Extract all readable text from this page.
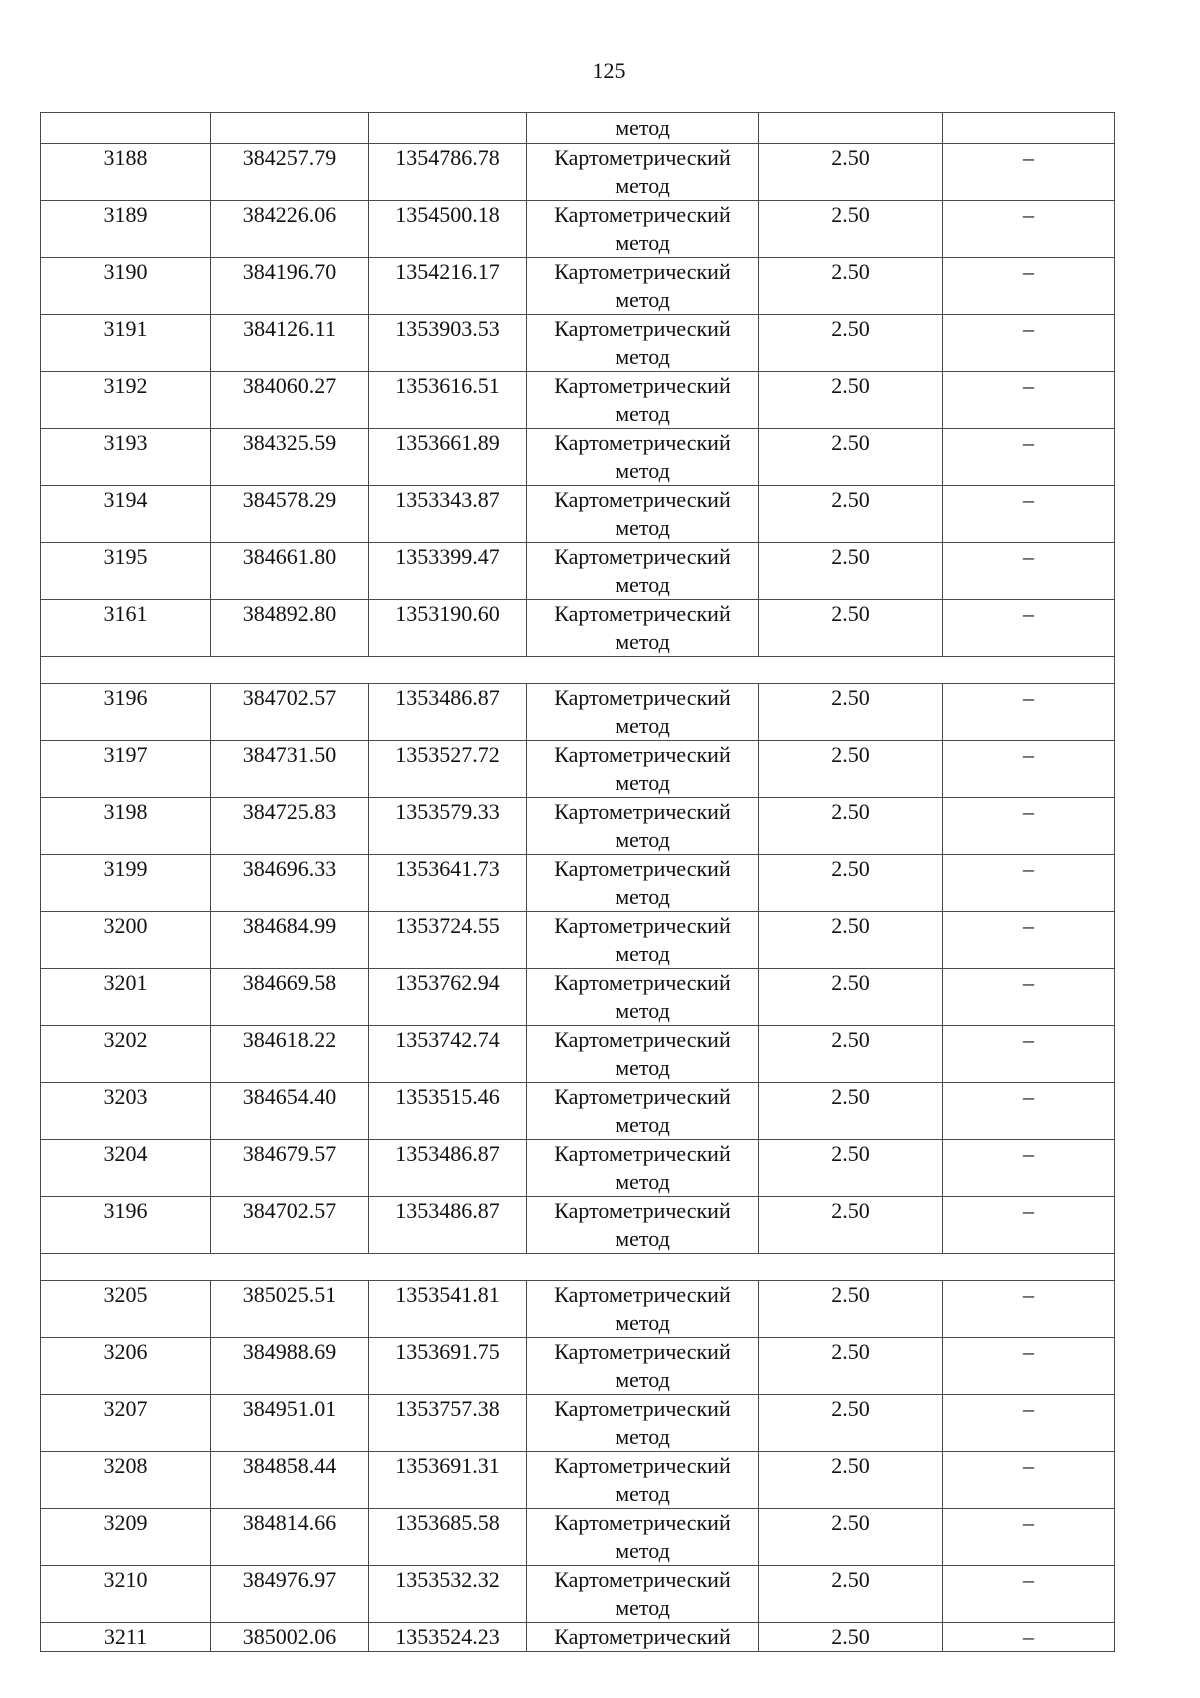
125
			метод		
3188	384257.79	1354786.78	Картометрический метод	2.50	–
3189	384226.06	1354500.18	Картометрический метод	2.50	–
3190	384196.70	1354216.17	Картометрический метод	2.50	–
3191	384126.11	1353903.53	Картометрический метод	2.50	–
3192	384060.27	1353616.51	Картометрический метод	2.50	–
3193	384325.59	1353661.89	Картометрический метод	2.50	–
3194	384578.29	1353343.87	Картометрический метод	2.50	–
3195	384661.80	1353399.47	Картометрический метод	2.50	–
3161	384892.80	1353190.60	Картометрический метод	2.50	–

3196	384702.57	1353486.87	Картометрический метод	2.50	–
3197	384731.50	1353527.72	Картометрический метод	2.50	–
3198	384725.83	1353579.33	Картометрический метод	2.50	–
3199	384696.33	1353641.73	Картометрический метод	2.50	–
3200	384684.99	1353724.55	Картометрический метод	2.50	–
3201	384669.58	1353762.94	Картометрический метод	2.50	–
3202	384618.22	1353742.74	Картометрический метод	2.50	–
3203	384654.40	1353515.46	Картометрический метод	2.50	–
3204	384679.57	1353486.87	Картометрический метод	2.50	–
3196	384702.57	1353486.87	Картометрический метод	2.50	–

3205	385025.51	1353541.81	Картометрический метод	2.50	–
3206	384988.69	1353691.75	Картометрический метод	2.50	–
3207	384951.01	1353757.38	Картометрический метод	2.50	–
3208	384858.44	1353691.31	Картометрический метод	2.50	–
3209	384814.66	1353685.58	Картометрический метод	2.50	–
3210	384976.97	1353532.32	Картометрический метод	2.50	–
3211	385002.06	1353524.23	Картометрический	2.50	–
